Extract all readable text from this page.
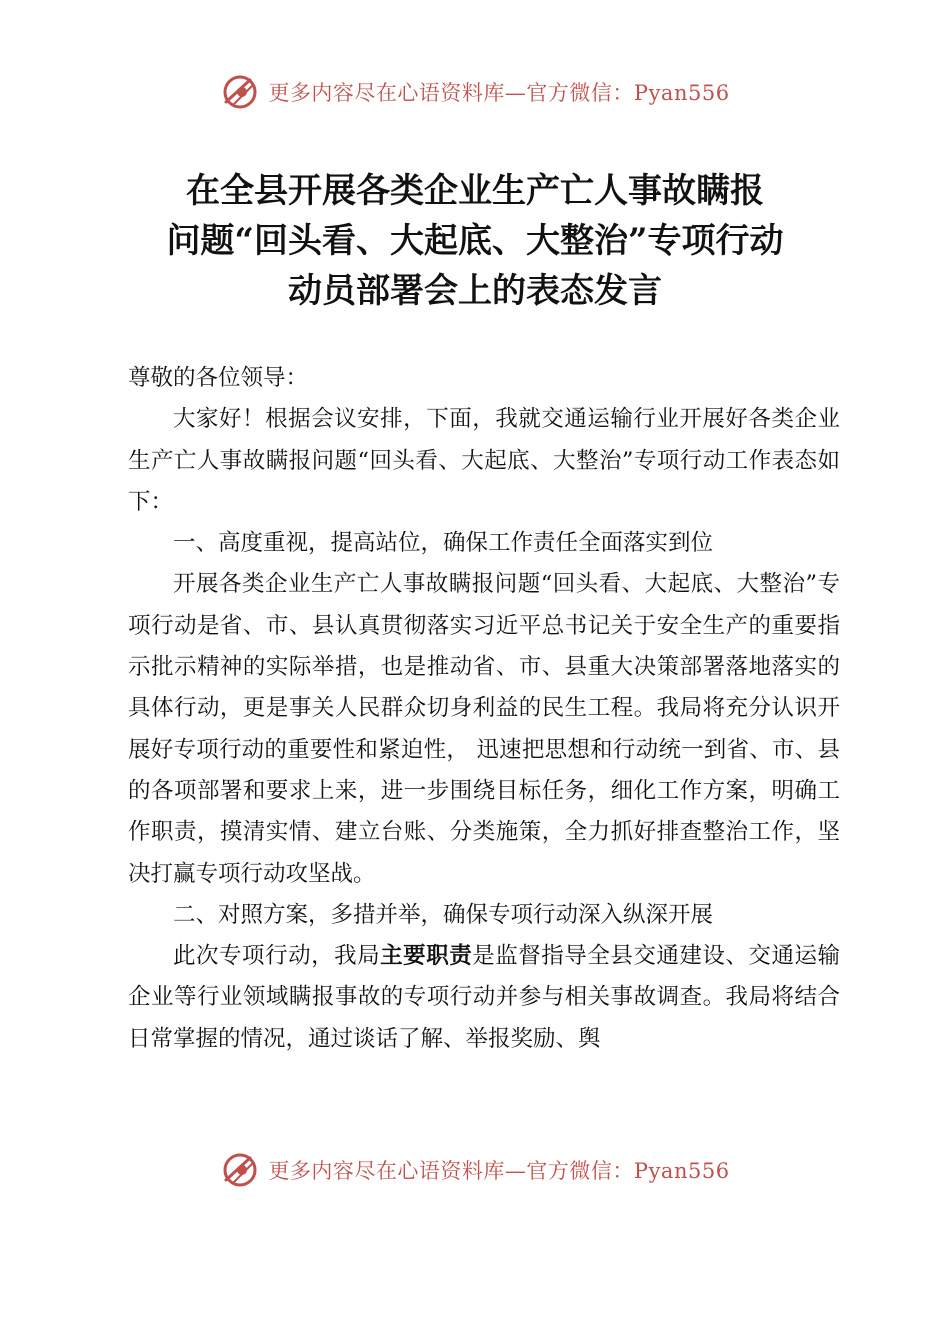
更多内容尽在心语资料库—官方微信：Pyan556
在全县开展各类企业生产亡人事故瞒报
问题“回头看、大起底、大整治”专项行动
动员部署会上的表态发言

尊敬的各位领导：

大家好！根据会议安排，下面，我就交通运输行业开展好各类企业生产亡人事故瞒报问题“回头看、大起底、大整治”专项行动工作表态如下：

一、高度重视，提高站位，确保工作责任全面落实到位

开展各类企业生产亡人事故瞒报问题“回头看、大起底、大整治”专项行动是省、市、县认真贯彻落实习近平总书记关于安全生产的重要指示批示精神的实际举措，也是推动省、市、县重大决策部署落地落实的具体行动，更是事关人民群众切身利益的民生工程。我局将充分认识开展好专项行动的重要性和紧迫性， 迅速把思想和行动统一到省、市、县的各项部署和要求上来，进一步围绕目标任务，细化工作方案，明确工作职责，摸清实情、建立台账、分类施策，全力抓好排查整治工作，坚决打赢专项行动攻坚战。

二、对照方案，多措并举，确保专项行动深入纵深开展

此次专项行动，我局主要职责是监督指导全县交通建设、交通运输企业等行业领域瞒报事故的专项行动并参与相关事故调查。我局将结合日常掌握的情况，通过谈话了解、举报奖励、舆

更多内容尽在心语资料库—官方微信：Pyan556
